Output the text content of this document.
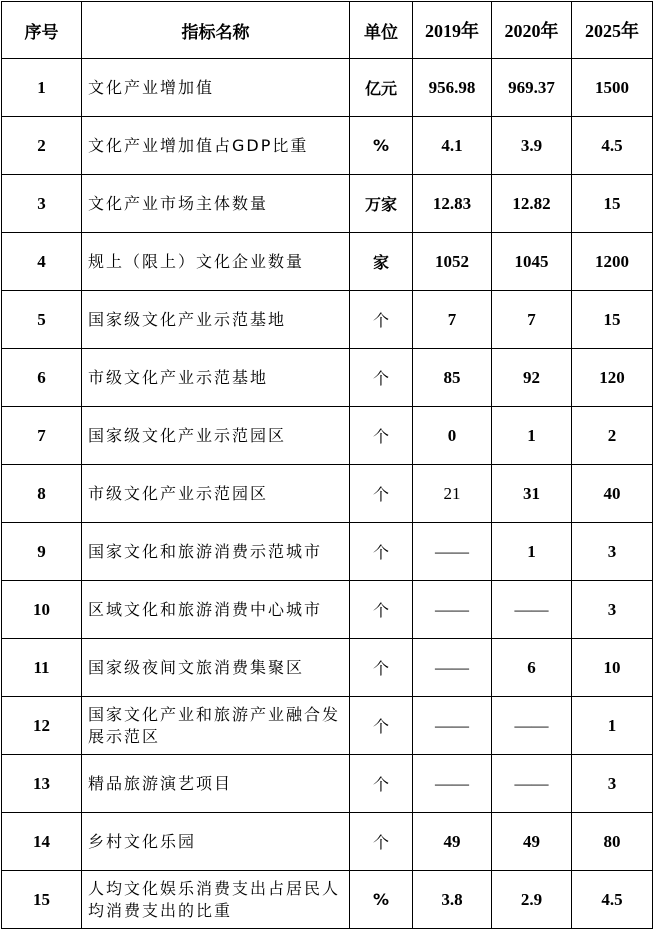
序号	指标名称	单位	2019年	2020年	2025年
1	文化产业增加值	亿元	956.98	969.37	1500
2	文化产业增加值占GDP比重	%	4.1	3.9	4.5
3	文化产业市场主体数量	万家	12.83	12.82	15
4	规上（限上）文化企业数量	家	1052	1045	1200
5	国家级文化产业示范基地	个	7	7	15
6	市级文化产业示范基地	个	85	92	120
7	国家级文化产业示范园区	个	0	1	2
8	市级文化产业示范园区	个	21	31	40
9	国家文化和旅游消费示范城市	个	——	1	3
10	区域文化和旅游消费中心城市	个	——	——	3
11	国家级夜间文旅消费集聚区	个	——	6	10
12	国家文化产业和旅游产业融合发展示范区	个	——	——	1
13	精品旅游演艺项目	个	——	——	3
14	乡村文化乐园	个	49	49	80
15	人均文化娱乐消费支出占居民人均消费支出的比重	%	3.8	2.9	4.5
